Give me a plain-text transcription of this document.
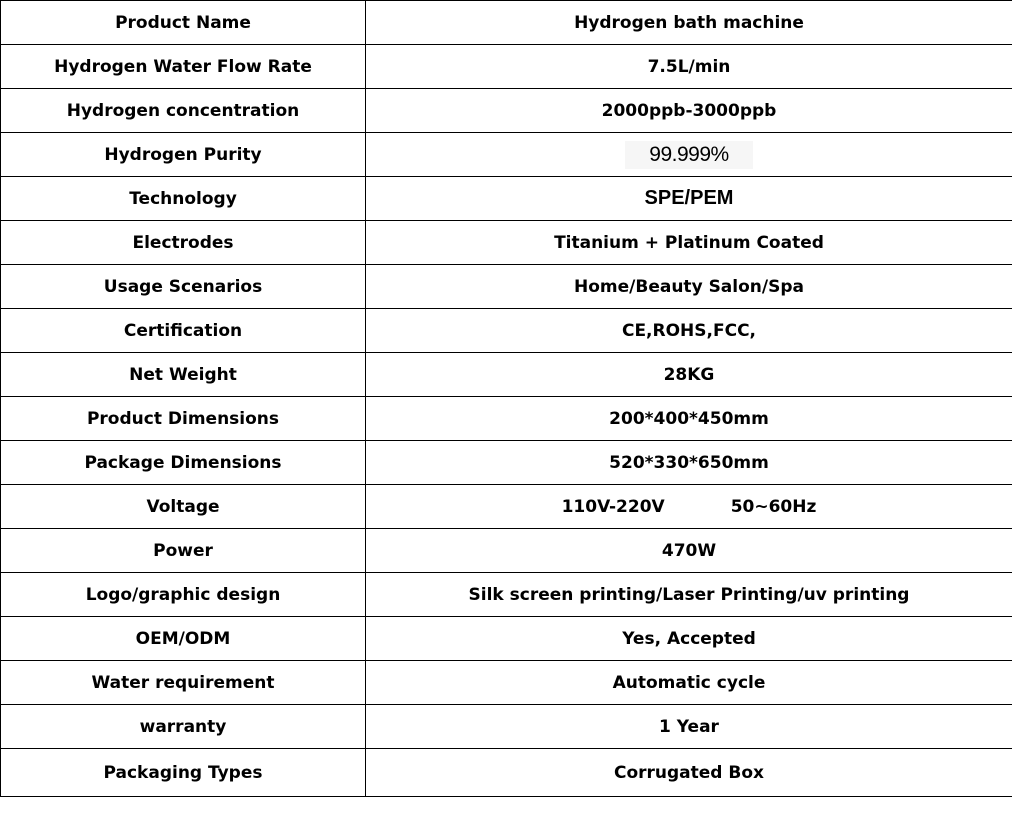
Product Name	Hydrogen bath machine
Hydrogen Water Flow Rate	7.5L/min
Hydrogen concentration	2000ppb-3000ppb
Hydrogen Purity	99.999%
Technology	SPE/PEM
Electrodes	Titanium + Platinum Coated
Usage Scenarios	Home/Beauty Salon/Spa
Certification	CE,ROHS,FCC,
Net Weight	28KG
Product Dimensions	200*400*450mm
Package Dimensions	520*330*650mm
Voltage	110V-220V 50~60Hz
Power	470W
Logo/graphic design	Silk screen printing/Laser Printing/uv printing
OEM/ODM	Yes, Accepted
Water requirement	Automatic cycle
warranty	1 Year
Packaging Types	Corrugated Box
